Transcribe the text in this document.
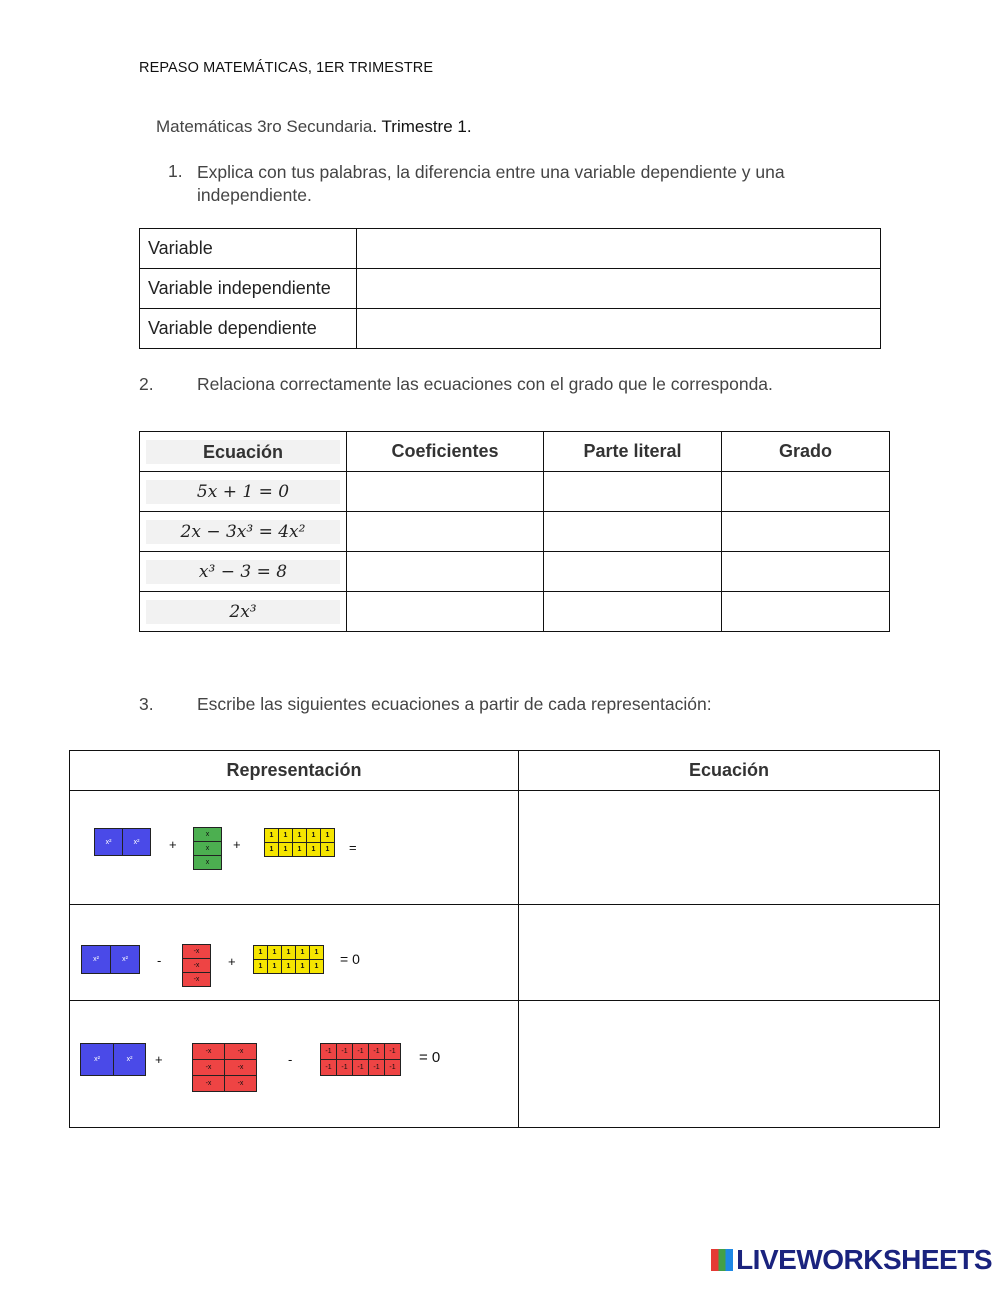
REPASO MATEMÁTICAS, 1ER TRIMESTRE
Matemáticas 3ro Secundaria. Trimestre 1.
1. Explica con tus palabras, la diferencia entre una variable dependiente y una
independiente.
Variable	
Variable independiente	
Variable dependiente	
2. Relaciona correctamente las ecuaciones con el grado que le corresponda.
Ecuación	Coeficientes	Parte literal	Grado

5x + 1 = 0			

2x − 3x³ = 4x²			

x³ − 3 = 8			

2x³			

3. Escribe las siguientes ecuaciones a partir de cada representación:
Representación	Ecuación

x²	x²	+
x
x
x
+
1	1	1	1	1
1	1	1	1	1	=
x²	x²	-
-x
-x
-x
+
1	1	1	1	1
1	1	1	1	1	= 0
x²	x²	+
-x	-x
-x	-x
-x	-x
-
-1	-1	-1	-1	-1
-1	-1	-1	-1	-1
= 0
LIVEWORKSHEETS
